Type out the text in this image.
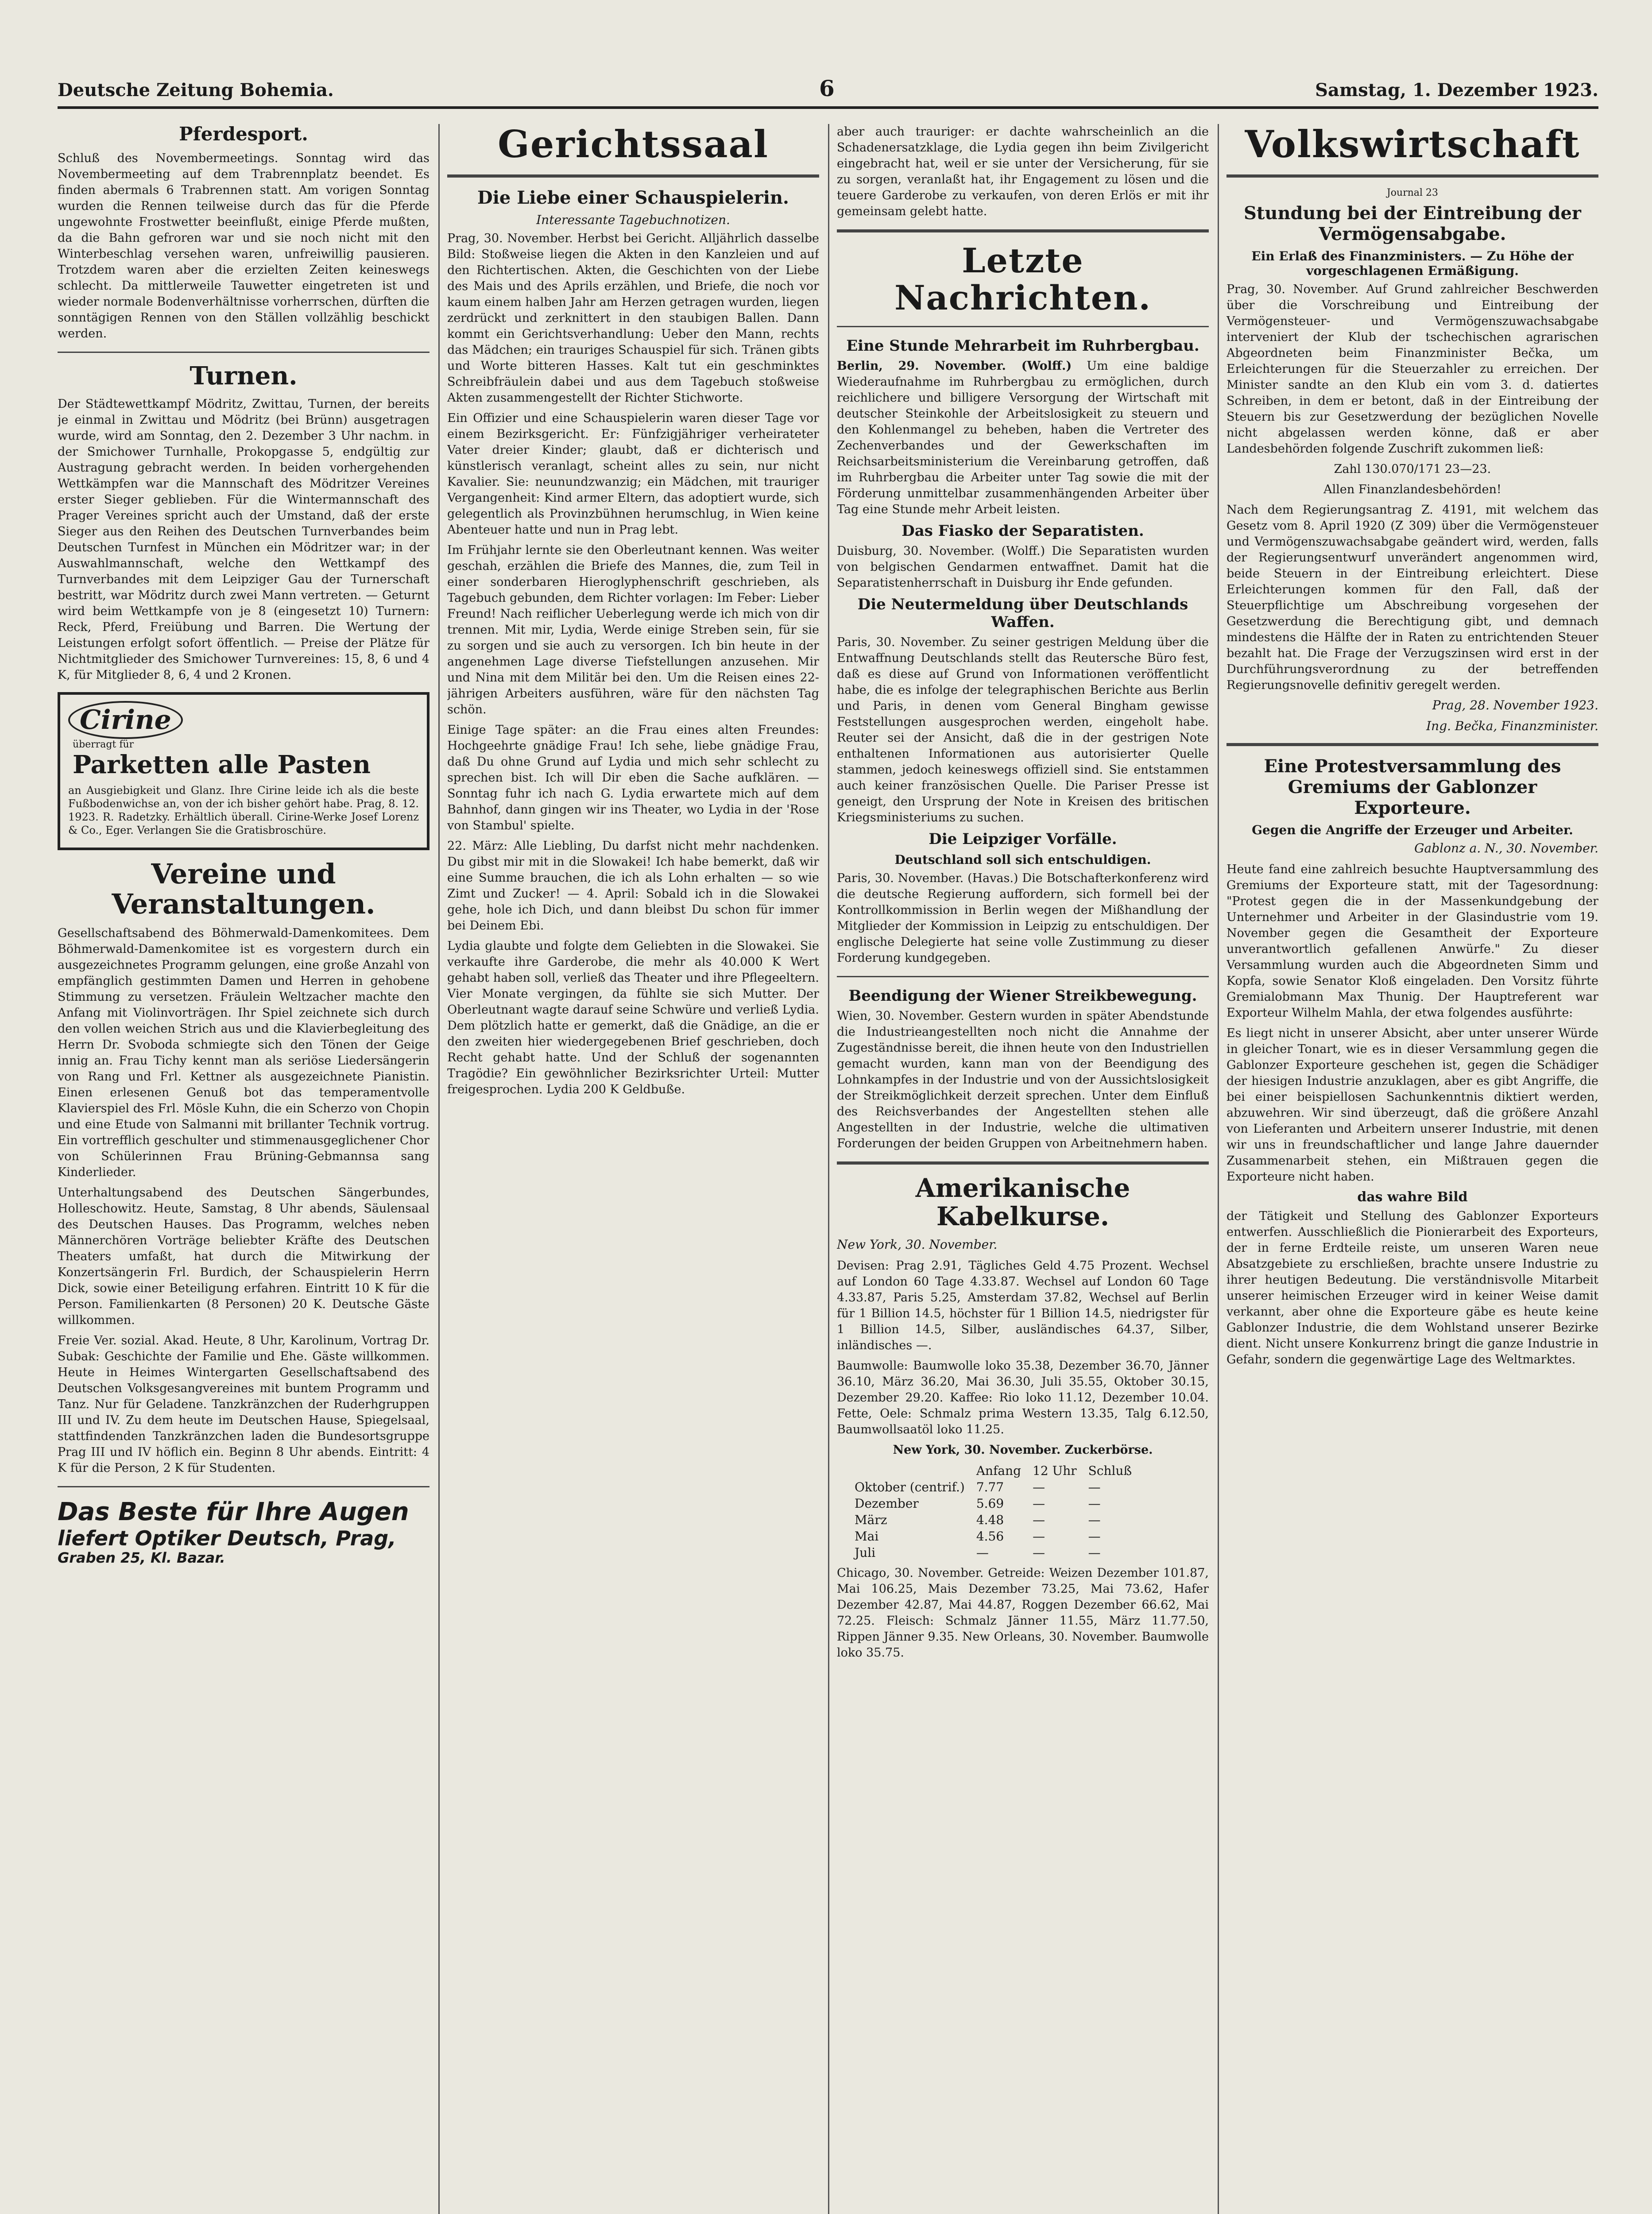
Deutsche Zeitung Bohemia.	6	Samstag, 1. Dezember 1923.
Pferdesport.

Schluß des Novembermeetings. Sonntag wird das Novembermeeting auf dem Trabrennplatz beendet. Es finden abermals 6 Trabrennen statt. Am vorigen Sonntag wurden die Rennen teilweise durch das für die Pferde ungewohnte Frostwetter beeinflußt, einige Pferde mußten, da die Bahn gefroren war und sie noch nicht mit den Winterbeschlag versehen waren, unfreiwillig pausieren. Trotzdem waren aber die erzielten Zeiten keineswegs schlecht. Da mittlerweile Tauwetter eingetreten ist und wieder normale Bodenverhältnisse vorherrschen, dürften die sonntägigen Rennen von den Ställen vollzählig beschickt werden.

Turnen.

Der Städtewettkampf Mödritz, Zwittau, Turnen, der bereits je einmal in Zwittau und Mödritz (bei Brünn) ausgetragen wurde, wird am Sonntag, den 2. Dezember 3 Uhr nachm. in der Smichower Turnhalle, Prokopgasse 5, endgültig zur Austragung gebracht werden. In beiden vorhergehenden Wettkämpfen war die Mannschaft des Mödritzer Vereines erster Sieger geblieben. Für die Wintermannschaft des Prager Vereines spricht auch der Umstand, daß der erste Sieger aus den Reihen des Deutschen Turnverbandes beim Deutschen Turnfest in München ein Mödritzer war; in der Auswahlmannschaft, welche den Wettkampf des Turnverbandes mit dem Leipziger Gau der Turnerschaft bestritt, war Mödritz durch zwei Mann vertreten. — Geturnt wird beim Wettkampfe von je 8 (eingesetzt 10) Turnern: Reck, Pferd, Freiübung und Barren. Die Wertung der Leistungen erfolgt sofort öffentlich. — Preise der Plätze für Nichtmitglieder des Smichower Turnvereines: 15, 8, 6 und 4 K, für Mitglieder 8, 6, 4 und 2 Kronen.

Cirine
überragt für
Parketten alle Pasten

an Ausgiebigkeit und Glanz. Ihre Cirine leide ich als die beste Fußbodenwichse an, von der ich bisher gehört habe. Prag, 8. 12. 1923. R. Radetzky. Erhältlich überall. Cirine-Werke Josef Lorenz & Co., Eger. Verlangen Sie die Gratisbroschüre.

Vereine und Veranstaltungen.

Gesellschaftsabend des Böhmerwald-Damenkomitees. Dem Böhmerwald-Damenkomitee ist es vorgestern durch ein ausgezeichnetes Programm gelungen, eine große Anzahl von empfänglich gestimmten Damen und Herren in gehobene Stimmung zu versetzen. Fräulein Weltzacher machte den Anfang mit Violinvorträgen. Ihr Spiel zeichnete sich durch den vollen weichen Strich aus und die Klavierbegleitung des Herrn Dr. Svoboda schmiegte sich den Tönen der Geige innig an. Frau Tichy kennt man als seriöse Liedersängerin von Rang und Frl. Kettner als ausgezeichnete Pianistin. Einen erlesenen Genuß bot das temperamentvolle Klavierspiel des Frl. Mösle Kuhn, die ein Scherzo von Chopin und eine Etude von Salmanni mit brillanter Technik vortrug. Ein vortrefflich geschulter und stimmenausgeglichener Chor von Schülerinnen Frau Brüning-Gebmannsa sang Kinderlieder.

Unterhaltungsabend des Deutschen Sängerbundes, Holleschowitz. Heute, Samstag, 8 Uhr abends, Säulensaal des Deutschen Hauses. Das Programm, welches neben Männerchören Vorträge beliebter Kräfte des Deutschen Theaters umfaßt, hat durch die Mitwirkung der Konzertsängerin Frl. Burdich, der Schauspielerin Herrn Dick, sowie einer Beteiligung erfahren. Eintritt 10 K für die Person. Familienkarten (8 Personen) 20 K. Deutsche Gäste willkommen.

Freie Ver. sozial. Akad. Heute, 8 Uhr, Karolinum, Vortrag Dr. Subak: Geschichte der Familie und Ehe. Gäste willkommen. Heute in Heimes Wintergarten Gesellschaftsabend des Deutschen Volksgesangvereines mit buntem Programm und Tanz. Nur für Geladene. Tanzkränzchen der Ruderhgruppen III und IV. Zu dem heute im Deutschen Hause, Spiegelsaal, stattfindenden Tanzkränzchen laden die Bundesortsgruppe Prag III und IV höflich ein. Beginn 8 Uhr abends. Eintritt: 4 K für die Person, 2 K für Studenten.

Das Beste für Ihre Augen
liefert Optiker Deutsch, Prag,
Graben 25, Kl. Bazar.
Gerichtssaal
Die Liebe einer Schauspielerin.
Interessante Tagebuchnotizen.

Prag, 30. November. Herbst bei Gericht. Alljährlich dasselbe Bild: Stoßweise liegen die Akten in den Kanzleien und auf den Richtertischen. Akten, die Geschichten von der Liebe des Mais und des Aprils erzählen, und Briefe, die noch vor kaum einem halben Jahr am Herzen getragen wurden, liegen zerdrückt und zerknittert in den staubigen Ballen. Dann kommt ein Gerichtsverhandlung: Ueber den Mann, rechts das Mädchen; ein trauriges Schauspiel für sich. Tränen gibts und Worte bitteren Hasses. Kalt tut ein geschminktes Schreibfräulein dabei und aus dem Tagebuch stoßweise Akten zusammengestellt der Richter Stichworte.

Ein Offizier und eine Schauspielerin waren dieser Tage vor einem Bezirksgericht. Er: Fünfzigjähriger verheirateter Vater dreier Kinder; glaubt, daß er dichterisch und künstlerisch veranlagt, scheint alles zu sein, nur nicht Kavalier. Sie: neunundzwanzig; ein Mädchen, mit trauriger Vergangenheit: Kind armer Eltern, das adoptiert wurde, sich gelegentlich als Provinzbühnen herumschlug, in Wien keine Abenteuer hatte und nun in Prag lebt.

Im Frühjahr lernte sie den Oberleutnant kennen. Was weiter geschah, erzählen die Briefe des Mannes, die, zum Teil in einer sonderbaren Hieroglyphenschrift geschrieben, als Tagebuch gebunden, dem Richter vorlagen: Im Feber: Lieber Freund! Nach reiflicher Ueberlegung werde ich mich von dir trennen. Mit mir, Lydia, Werde einige Streben sein, für sie zu sorgen und sie auch zu versorgen. Ich bin heute in der angenehmen Lage diverse Tiefstellungen anzusehen. Mir und Nina mit dem Militär bei den. Um die Reisen eines 22-jährigen Arbeiters ausführen, wäre für den nächsten Tag schön.

Einige Tage später: an die Frau eines alten Freundes: Hochgeehrte gnädige Frau! Ich sehe, liebe gnädige Frau, daß Du ohne Grund auf Lydia und mich sehr schlecht zu sprechen bist. Ich will Dir eben die Sache aufklären. — Sonntag fuhr ich nach G. Lydia erwartete mich auf dem Bahnhof, dann gingen wir ins Theater, wo Lydia in der 'Rose von Stambul' spielte.

22. März: Alle Liebling, Du darfst nicht mehr nachdenken. Du gibst mir mit in die Slowakei! Ich habe bemerkt, daß wir eine Summe brauchen, die ich als Lohn erhalten — so wie Zimt und Zucker! — 4. April: Sobald ich in die Slowakei gehe, hole ich Dich, und dann bleibst Du schon für immer bei Deinem Ebi.

Lydia glaubte und folgte dem Geliebten in die Slowakei. Sie verkaufte ihre Garderobe, die mehr als 40.000 K Wert gehabt haben soll, verließ das Theater und ihre Pflegeeltern. Vier Monate vergingen, da fühlte sie sich Mutter. Der Oberleutnant wagte darauf seine Schwüre und verließ Lydia. Dem plötzlich hatte er gemerkt, daß die Gnädige, an die er den zweiten hier wiedergegebenen Brief geschrieben, doch Recht gehabt hatte. Und der Schluß der sogenannten Tragödie? Ein gewöhnlicher Bezirksrichter Urteil: Mutter freigesprochen. Lydia 200 K Geldbuße.

aber auch trauriger: er dachte wahrscheinlich an die Schadenersatzklage, die Lydia gegen ihn beim Zivilgericht eingebracht hat, weil er sie unter der Versicherung, für sie zu sorgen, veranlaßt hat, ihr Engagement zu lösen und die teuere Garderobe zu verkaufen, von deren Erlös er mit ihr gemeinsam gelebt hatte.

Letzte Nachrichten.
Eine Stunde Mehrarbeit im Ruhrbergbau.

Berlin, 29. November. (Wolff.) Um eine baldige Wiederaufnahme im Ruhrbergbau zu ermöglichen, durch reichlichere und billigere Versorgung der Wirtschaft mit deutscher Steinkohle der Arbeitslosigkeit zu steuern und den Kohlenmangel zu beheben, haben die Vertreter des Zechenverbandes und der Gewerkschaften im Reichsarbeitsministerium die Vereinbarung getroffen, daß im Ruhrbergbau die Arbeiter unter Tag sowie die mit der Förderung unmittelbar zusammenhängenden Arbeiter über Tag eine Stunde mehr Arbeit leisten.

Das Fiasko der Separatisten.

Duisburg, 30. November. (Wolff.) Die Separatisten wurden von belgischen Gendarmen entwaffnet. Damit hat die Separatistenherrschaft in Duisburg ihr Ende gefunden.

Die Neutermeldung über Deutschlands Waffen.

Paris, 30. November. Zu seiner gestrigen Meldung über die Entwaffnung Deutschlands stellt das Reutersche Büro fest, daß es diese auf Grund von Informationen veröffentlicht habe, die es infolge der telegraphischen Berichte aus Berlin und Paris, in denen vom General Bingham gewisse Feststellungen ausgesprochen werden, eingeholt habe. Reuter sei der Ansicht, daß die in der gestrigen Note enthaltenen Informationen aus autorisierter Quelle stammen, jedoch keineswegs offiziell sind. Sie entstammen auch keiner französischen Quelle. Die Pariser Presse ist geneigt, den Ursprung der Note in Kreisen des britischen Kriegsministeriums zu suchen.

Die Leipziger Vorfälle.
Deutschland soll sich entschuldigen.

Paris, 30. November. (Havas.) Die Botschafterkonferenz wird die deutsche Regierung auffordern, sich formell bei der Kontrollkommission in Berlin wegen der Mißhandlung der Mitglieder der Kommission in Leipzig zu entschuldigen. Der englische Delegierte hat seine volle Zustimmung zu dieser Forderung kundgegeben.

Beendigung der Wiener Streikbewegung.

Wien, 30. November. Gestern wurden in später Abendstunde die Industrieangestellten noch nicht die Annahme der Zugeständnisse bereit, die ihnen heute von den Industriellen gemacht wurden, kann man von der Beendigung des Lohnkampfes in der Industrie und von der Aussichtslosigkeit der Streikmöglichkeit derzeit sprechen. Unter dem Einfluß des Reichsverbandes der Angestellten stehen alle Angestellten in der Industrie, welche die ultimativen Forderungen der beiden Gruppen von Arbeitnehmern haben.

Amerikanische Kabelkurse.
New York, 30. November.

Devisen: Prag 2.91, Tägliches Geld 4.75 Prozent. Wechsel auf London 60 Tage 4.33.87. Wechsel auf London 60 Tage 4.33.87, Paris 5.25, Amsterdam 37.82, Wechsel auf Berlin für 1 Billion 14.5, höchster für 1 Billion 14.5, niedrigster für 1 Billion 14.5, Silber, ausländisches 64.37, Silber, inländisches —.

Baumwolle: Baumwolle loko 35.38, Dezember 36.70, Jänner 36.10, März 36.20, Mai 36.30, Juli 35.55, Oktober 30.15, Dezember 29.20. Kaffee: Rio loko 11.12, Dezember 10.04. Fette, Oele: Schmalz prima Western 13.35, Talg 6.12.50, Baumwollsaatöl loko 11.25.

New York, 30. November. Zuckerbörse.
	Anfang	12 Uhr	Schluß
Oktober (centrif.)	7.77	—	—
Dezember	5.69	—	—
März	4.48	—	—
Mai	4.56	—	—
Juli	—	—	—

Chicago, 30. November. Getreide: Weizen Dezember 101.87, Mai 106.25, Mais Dezember 73.25, Mai 73.62, Hafer Dezember 42.87, Mai 44.87, Roggen Dezember 66.62, Mai 72.25. Fleisch: Schmalz Jänner 11.55, März 11.77.50, Rippen Jänner 9.35. New Orleans, 30. November. Baumwolle loko 35.75.

Volkswirtschaft
Journal 23
Stundung bei der Eintreibung der Vermögensabgabe.
Ein Erlaß des Finanzministers. — Zu Höhe der vorgeschlagenen Ermäßigung.

Prag, 30. November. Auf Grund zahlreicher Beschwerden über die Vorschreibung und Eintreibung der Vermögensteuer- und Vermögenszuwachsabgabe interveniert der Klub der tschechischen agrarischen Abgeordneten beim Finanzminister Bečka, um Erleichterungen für die Steuerzahler zu erreichen. Der Minister sandte an den Klub ein vom 3. d. datiertes Schreiben, in dem er betont, daß in der Eintreibung der Steuern bis zur Gesetzwerdung der bezüglichen Novelle nicht abgelassen werden könne, daß er aber Landesbehörden folgende Zuschrift zukommen ließ:

Zahl 130.070/171 23—23.
Allen Finanzlandesbehörden!

Nach dem Regierungsantrag Z. 4191, mit welchem das Gesetz vom 8. April 1920 (Z 309) über die Vermögensteuer und Vermögenszuwachsabgabe geändert wird, werden, falls der Regierungsentwurf unverändert angenommen wird, beide Steuern in der Eintreibung erleichtert. Diese Erleichterungen kommen für den Fall, daß der Steuerpflichtige um Abschreibung vorgesehen der Gesetzwerdung die Berechtigung gibt, und demnach mindestens die Hälfte der in Raten zu entrichtenden Steuer bezahlt hat. Die Frage der Verzugszinsen wird erst in der Durchführungsverordnung zu der betreffenden Regierungsnovelle definitiv geregelt werden.

Prag, 28. November 1923.
Ing. Bečka, Finanzminister.
Eine Protestversammlung des Gremiums der Gablonzer Exporteure.
Gegen die Angriffe der Erzeuger und Arbeiter.
Gablonz a. N., 30. November.

Heute fand eine zahlreich besuchte Hauptversammlung des Gremiums der Exporteure statt, mit der Tagesordnung: "Protest gegen die in der Massenkundgebung der Unternehmer und Arbeiter in der Glasindustrie vom 19. November gegen die Gesamtheit der Exporteure unverantwortlich gefallenen Anwürfe." Zu dieser Versammlung wurden auch die Abgeordneten Simm und Kopfa, sowie Senator Kloß eingeladen. Den Vorsitz führte Gremialobmann Max Thunig. Der Hauptreferent war Exporteur Wilhelm Mahla, der etwa folgendes ausführte:

Es liegt nicht in unserer Absicht, aber unter unserer Würde in gleicher Tonart, wie es in dieser Versammlung gegen die Gablonzer Exporteure geschehen ist, gegen die Schädiger der hiesigen Industrie anzuklagen, aber es gibt Angriffe, die bei einer beispiellosen Sachunkenntnis diktiert werden, abzuwehren. Wir sind überzeugt, daß die größere Anzahl von Lieferanten und Arbeitern unserer Industrie, mit denen wir uns in freundschaftlicher und lange Jahre dauernder Zusammenarbeit stehen, ein Mißtrauen gegen die Exporteure nicht haben.

das wahre Bild

der Tätigkeit und Stellung des Gablonzer Exporteurs entwerfen. Ausschließlich die Pionierarbeit des Exporteurs, der in ferne Erdteile reiste, um unseren Waren neue Absatzgebiete zu erschließen, brachte unsere Industrie zu ihrer heutigen Bedeutung. Die verständnisvolle Mitarbeit unserer heimischen Erzeuger wird in keiner Weise damit verkannt, aber ohne die Exporteure gäbe es heute keine Gablonzer Industrie, die dem Wohlstand unserer Bezirke dient. Nicht unsere Konkurrenz bringt die ganze Industrie in Gefahr, sondern die gegenwärtige Lage des Weltmarktes.
